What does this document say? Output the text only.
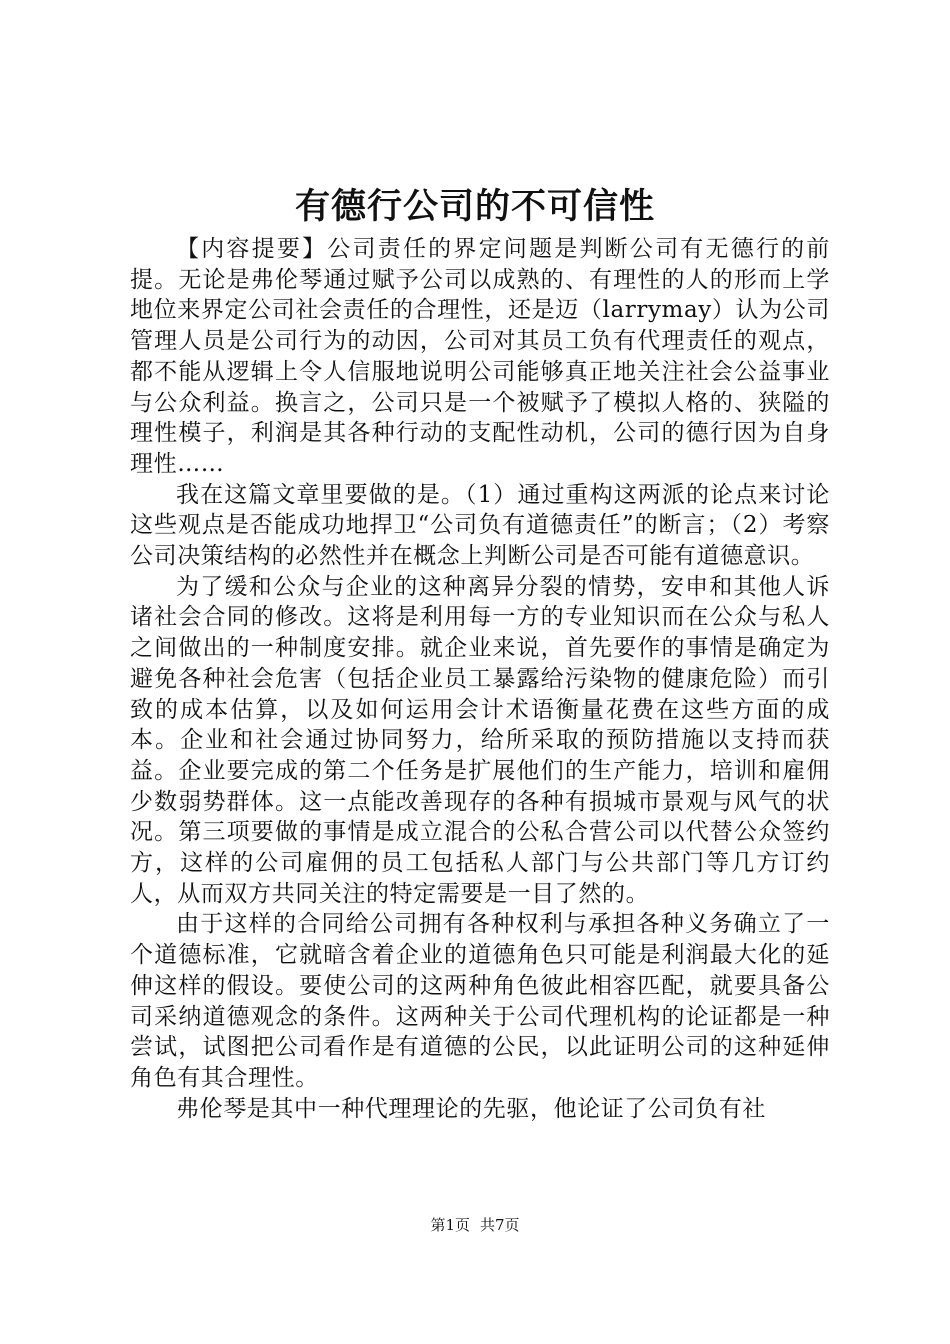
有德行公司的不可信性

【内容提要】公司责任的界定问题是判断公司有无德行的前提。无论是弗伦琴通过赋予公司以成熟的、有理性的人的形而上学地位来界定公司社会责任的合理性，还是迈（larrymay）认为公司管理人员是公司行为的动因，公司对其员工负有代理责任的观点，都不能从逻辑上令人信服地说明公司能够真正地关注社会公益事业与公众利益。换言之，公司只是一个被赋予了模拟人格的、狭隘的理性模子，利润是其各种行动的支配性动机，公司的德行因为自身理性……

我在这篇文章里要做的是。（1）通过重构这两派的论点来讨论这些观点是否能成功地捍卫“公司负有道德责任”的断言；（2）考察公司决策结构的必然性并在概念上判断公司是否可能有道德意识。

为了缓和公众与企业的这种离异分裂的情势，安申和其他人诉诸社会合同的修改。这将是利用每一方的专业知识而在公众与私人之间做出的一种制度安排。就企业来说，首先要作的事情是确定为避免各种社会危害（包括企业员工暴露给污染物的健康危险）而引致的成本估算，以及如何运用会计术语衡量花费在这些方面的成本。企业和社会通过协同努力，给所采取的预防措施以支持而获益。企业要完成的第二个任务是扩展他们的生产能力，培训和雇佣少数弱势群体。这一点能改善现存的各种有损城市景观与风气的状况。第三项要做的事情是成立混合的公私合营公司以代替公众签约方，这样的公司雇佣的员工包括私人部门与公共部门等几方订约人，从而双方共同关注的特定需要是一目了然的。

由于这样的合同给公司拥有各种权利与承担各种义务确立了一个道德标准，它就暗含着企业的道德角色只可能是利润最大化的延伸这样的假设。要使公司的这两种角色彼此相容匹配，就要具备公司采纳道德观念的条件。这两种关于公司代理机构的论证都是一种尝试，试图把公司看作是有道德的公民，以此证明公司的这种延伸角色有其合理性。

弗伦琴是其中一种代理理论的先驱，他论证了公司负有社

第1页 共7页
